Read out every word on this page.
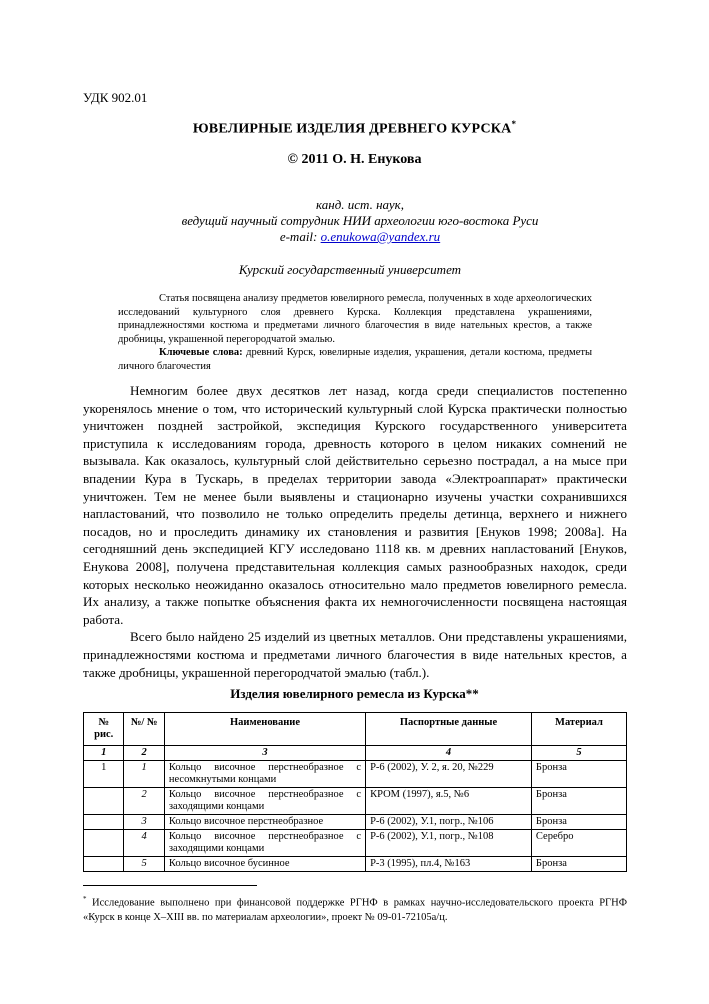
УДК 902.01
ЮВЕЛИРНЫЕ ИЗДЕЛИЯ ДРЕВНЕГО КУРСКА*
© 2011 О. Н. Енукова
канд. ист. наук,
ведущий научный сотрудник НИИ археологии юго-востока Руси
e-mail: o.enukowa@yandex.ru
Курский государственный университет

Статья посвящена анализу предметов ювелирного ремесла, полученных в ходе археологических исследований культурного слоя древнего Курска. Коллекция представлена украшениями, принадлежностями костюма и предметами личного благочестия в виде нательных крестов, а также дробницы, украшенной перегородчатой эмалью.

Ключевые слова: древний Курск, ювелирные изделия, украшения, детали костюма, предметы личного благочестия

Немногим более двух десятков лет назад, когда среди специалистов постепенно укоренялось мнение о том, что исторический культурный слой Курска практически полностью уничтожен поздней застройкой, экспедиция Курского государственного университета приступила к исследованиям города, древность которого в целом никаких сомнений не вызывала. Как оказалось, культурный слой действительно серьезно пострадал, а на мысе при впадении Кура в Тускарь, в пределах территории завода «Электроаппарат» практически уничтожен. Тем не менее были выявлены и стационарно изучены участки сохранившихся напластований, что позволило не только определить пределы детинца, верхнего и нижнего посадов, но и проследить динамику их становления и развития [Енуков 1998; 2008а]. На сегодняшний день экспедицией КГУ исследовано 1118 кв. м древних напластований [Енуков, Енукова 2008], получена представительная коллекция самых разнообразных находок, среди которых несколько неожиданно оказалось относительно мало предметов ювелирного ремесла. Их анализу, а также попытке объяснения факта их немногочисленности посвящена настоящая работа.

Всего было найдено 25 изделий из цветных металлов. Они представлены украшениями, принадлежностями костюма и предметами личного благочестия в виде нательных крестов, а также дробницы, украшенной перегородчатой эмалью (табл.).

Изделия ювелирного ремесла из Курска**
№ рис.	№/ №	Наименование	Паспортные данные	Материал
1	2	3	4	5
1	1	Кольцо височное перстнеобразное с несомкнутыми концами	Р-6 (2002), У. 2, я. 20, №229	Бронза
	2	Кольцо височное перстнеобразное с заходящими концами	КРОМ (1997), я.5, №6	Бронза
	3	Кольцо височное перстнеобразное	Р-6 (2002), У.1, погр., №106	Бронза
	4	Кольцо височное перстнеобразное с заходящими концами	Р-6 (2002), У.1, погр., №108	Серебро
	5	Кольцо височное бусинное	Р-3 (1995), пл.4, №163	Бронза
* Исследование выполнено при финансовой поддержке РГНФ в рамках научно-исследовательского проекта РГНФ «Курск в конце X–XIII вв. по материалам археологии», проект № 09-01-72105а/ц.
